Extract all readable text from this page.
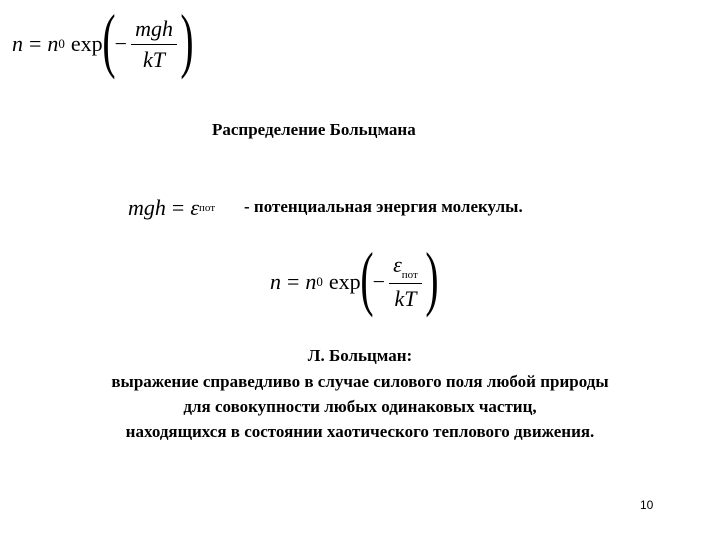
n = n 0 exp ( − $\frac{\text{mgh}}{kT}$ )
Распределение Больцмана
mgh = ε пот - потенциальная энергия молекулы.
n = n 0 exp ( − $\frac{\varepsilon_{пот}}{kT}$ )
Л. Больцман:
выражение справедливо в случае силового поля любой природы
для совокупности любых одинаковых частиц,
находящихся в состоянии хаотического теплового движения.
10
